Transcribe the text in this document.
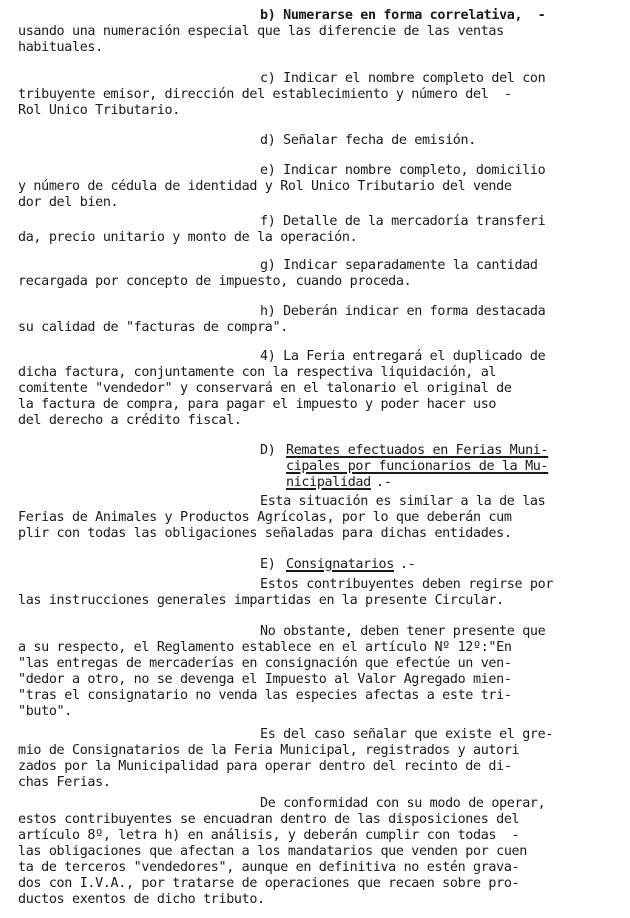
b) Numerarse en forma correlativa,  -
usando una numeración especial que las diferencie de las ventas
habituales.
c) Indicar el nombre completo del con
tribuyente emisor, dirección del establecimiento y número del  -
Rol Unico Tributario.
d) Señalar fecha de emisión.
e) Indicar nombre completo, domicilio
y número de cédula de identidad y Rol Unico Tributario del vende
dor del bien.
f) Detalle de la mercadoría transferi
da, precio unitario y monto de la operación.
g) Indicar separadamente la cantidad
recargada por concepto de impuesto, cuando proceda.
h) Deberán indicar en forma destacada
su calidad de "facturas de compra".
4) La Feria entregará el duplicado de
dicha factura, conjuntamente con la respectiva liquidación, al
comitente "vendedor" y conservará en el talonario el original de
la factura de compra, para pagar el impuesto y poder hacer uso
del derecho a crédito fiscal.
D) Remates efectuados en Ferias Muni-
cipales por funcionarios de la Mu-
nicipalidad .-
Esta situación es similar a la de las
Ferias de Animales y Productos Agrícolas, por lo que deberán cum
plir con todas las obligaciones señaladas para dichas entidades.
E) Consignatarios .-
Estos contribuyentes deben regirse por
las instrucciones generales impartidas en la presente Circular.
No obstante, deben tener presente que
a su respecto, el Reglamento establece en el artículo Nº 12º:"En
"las entregas de mercaderías en consignación que efectúe un ven-
"dedor a otro, no se devenga el Impuesto al Valor Agregado mien-
"tras el consignatario no venda las especies afectas a este tri-
"buto".
Es del caso señalar que existe el gre-
mio de Consignatarios de la Feria Municipal, registrados y autori
zados por la Municipalidad para operar dentro del recinto de di-
chas Ferias.
De conformidad con su modo de operar,
estos contribuyentes se encuadran dentro de las disposiciones del
artículo 8º, letra h) en análisis, y deberán cumplir con todas  -
las obligaciones que afectan a los mandatarios que venden por cuen
ta de terceros "vendedores", aunque en definitiva no estén grava-
dos con I.V.A., por tratarse de operaciones que recaen sobre pro-
ductos exentos de dicho tributo.
